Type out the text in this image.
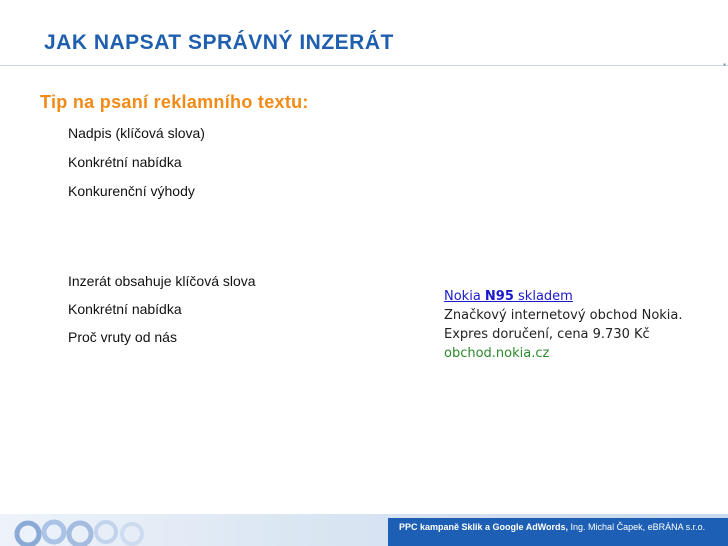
JAK NAPSAT SPRÁVNÝ INZERÁT
▪
Tip na psaní reklamního textu:
Nadpis (klíčová slova)
Konkrétní nabídka
Konkurenční výhody
Inzerát obsahuje klíčová slova
Konkrétní nabídka
Proč vruty od nás
Nokia N95 skladem
Značkový internetový obchod Nokia.
Expres doručení, cena 9.730 Kč
obchod.nokia.cz
PPC kampaně Sklik a Google AdWords, Ing. Michal Čapek, eBRÁNA s.r.o.
